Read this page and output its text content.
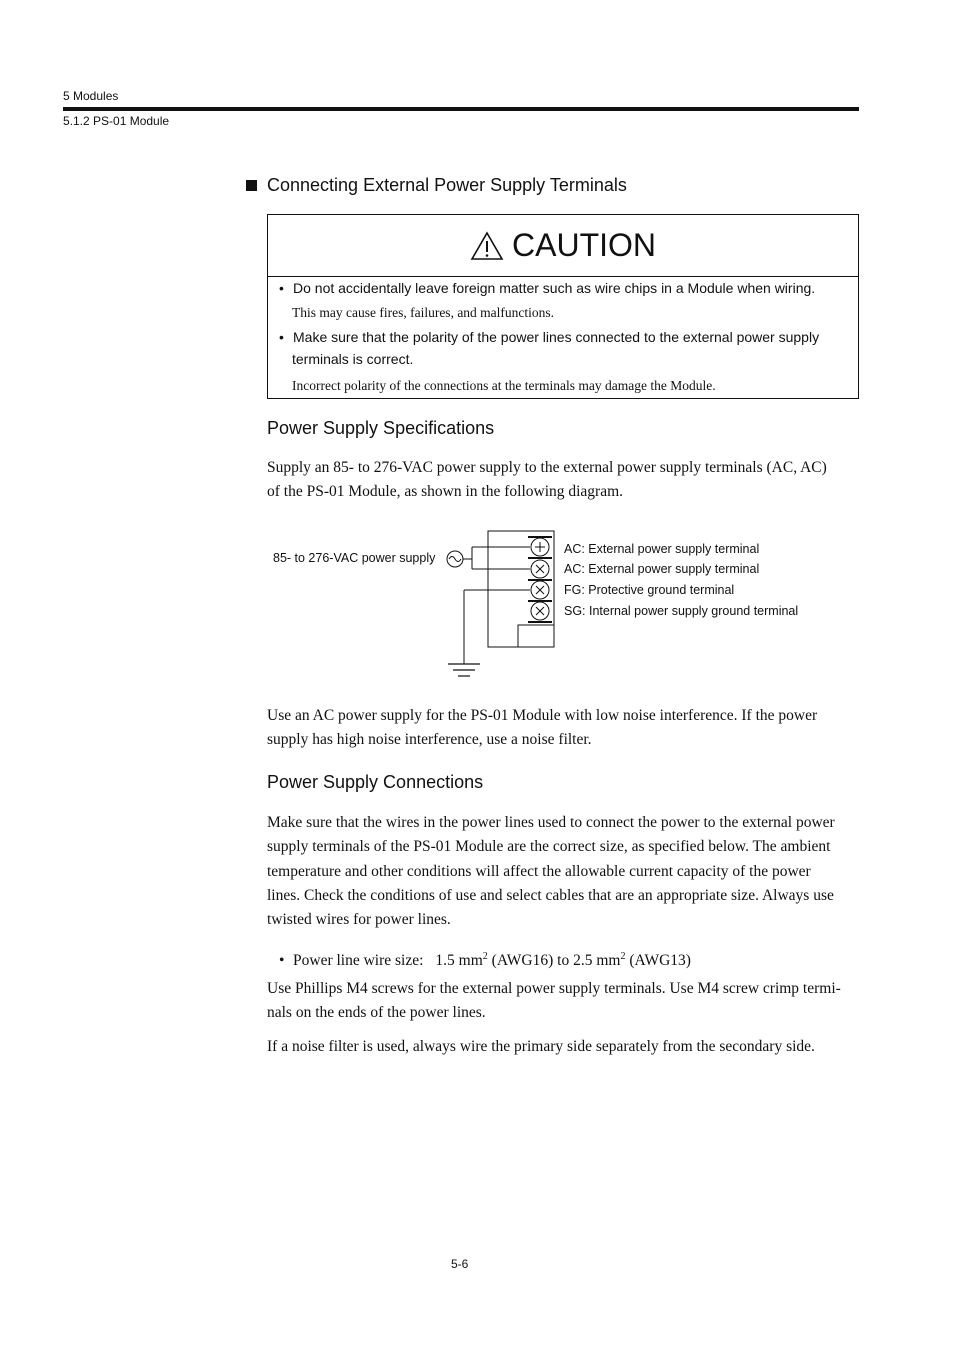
5 Modules
5.1.2 PS-01 Module
Connecting External Power Supply Terminals
CAUTION
• Do not accidentally leave foreign matter such as wire chips in a Module when wiring.
This may cause fires, failures, and malfunctions.
• Make sure that the polarity of the power lines connected to the external power supply
terminals is correct.
Incorrect polarity of the connections at the terminals may damage the Module.
Power Supply Specifications
Supply an 85- to 276-VAC power supply to the external power supply terminals (AC, AC)
of the PS-01 Module, as shown in the following diagram.
85- to 276-VAC power supply
AC: External power supply terminal
AC: External power supply terminal
FG: Protective ground terminal
SG: Internal power supply ground terminal
Use an AC power supply for the PS-01 Module with low noise interference. If the power
supply has high noise interference, use a noise filter.
Power Supply Connections
Make sure that the wires in the power lines used to connect the power to the external power
supply terminals of the PS-01 Module are the correct size, as specified below. The ambient
temperature and other conditions will affect the allowable current capacity of the power
lines. Check the conditions of use and select cables that are an appropriate size. Always use
twisted wires for power lines.
• Power line wire size: 1.5 $mm^2$ (AWG16) to 2.5 $mm^2$ (AWG13)
Use Phillips M4 screws for the external power supply terminals. Use M4 screw crimp termi-
nals on the ends of the power lines.
If a noise filter is used, always wire the primary side separately from the secondary side.
5-6
